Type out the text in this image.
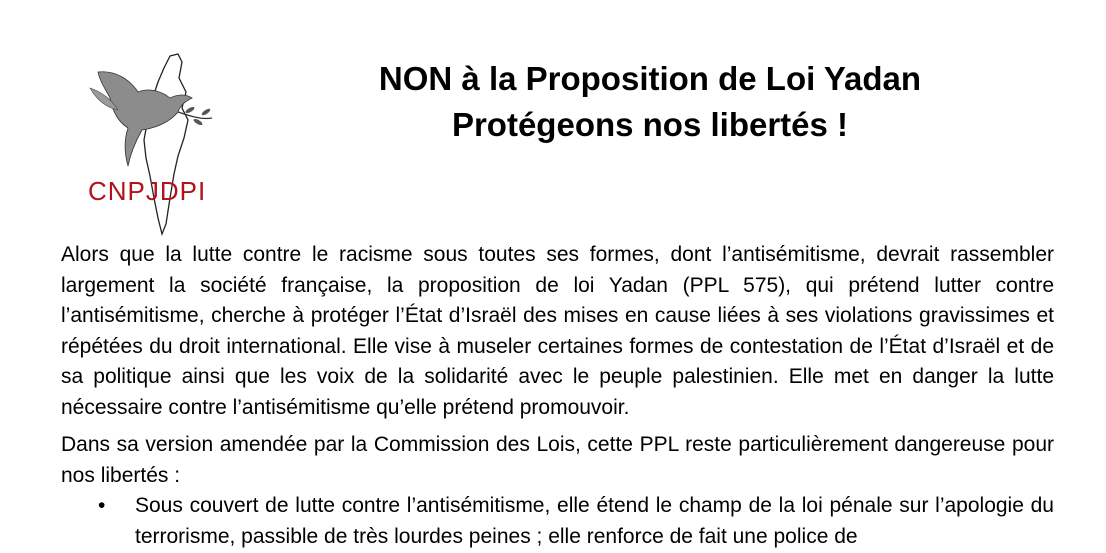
CNPJDPI
NON à la Proposition de Loi Yadan
Protégeons nos libertés !

Alors que la lutte contre le racisme sous toutes ses formes, dont l’antisémitisme, devrait rassembler largement la société française, la proposition de loi Yadan (PPL 575), qui prétend lutter contre l’antisémitisme, cherche à protéger l’État d’Israël des mises en cause liées à ses violations gravissimes et répétées du droit international. Elle vise à museler certaines formes de contestation de l’État d’Israël et de sa politique ainsi que les voix de la solidarité avec le peuple palestinien. Elle met en danger la lutte nécessaire contre l’antisémitisme qu’elle prétend promouvoir.

Dans sa version amendée par la Commission des Lois, cette PPL reste particulièrement dangereuse pour nos libertés :

• Sous couvert de lutte contre l’antisémitisme, elle étend le champ de la loi pénale sur l’apologie du terrorisme, passible de très lourdes peines ; elle renforce de fait une police de
